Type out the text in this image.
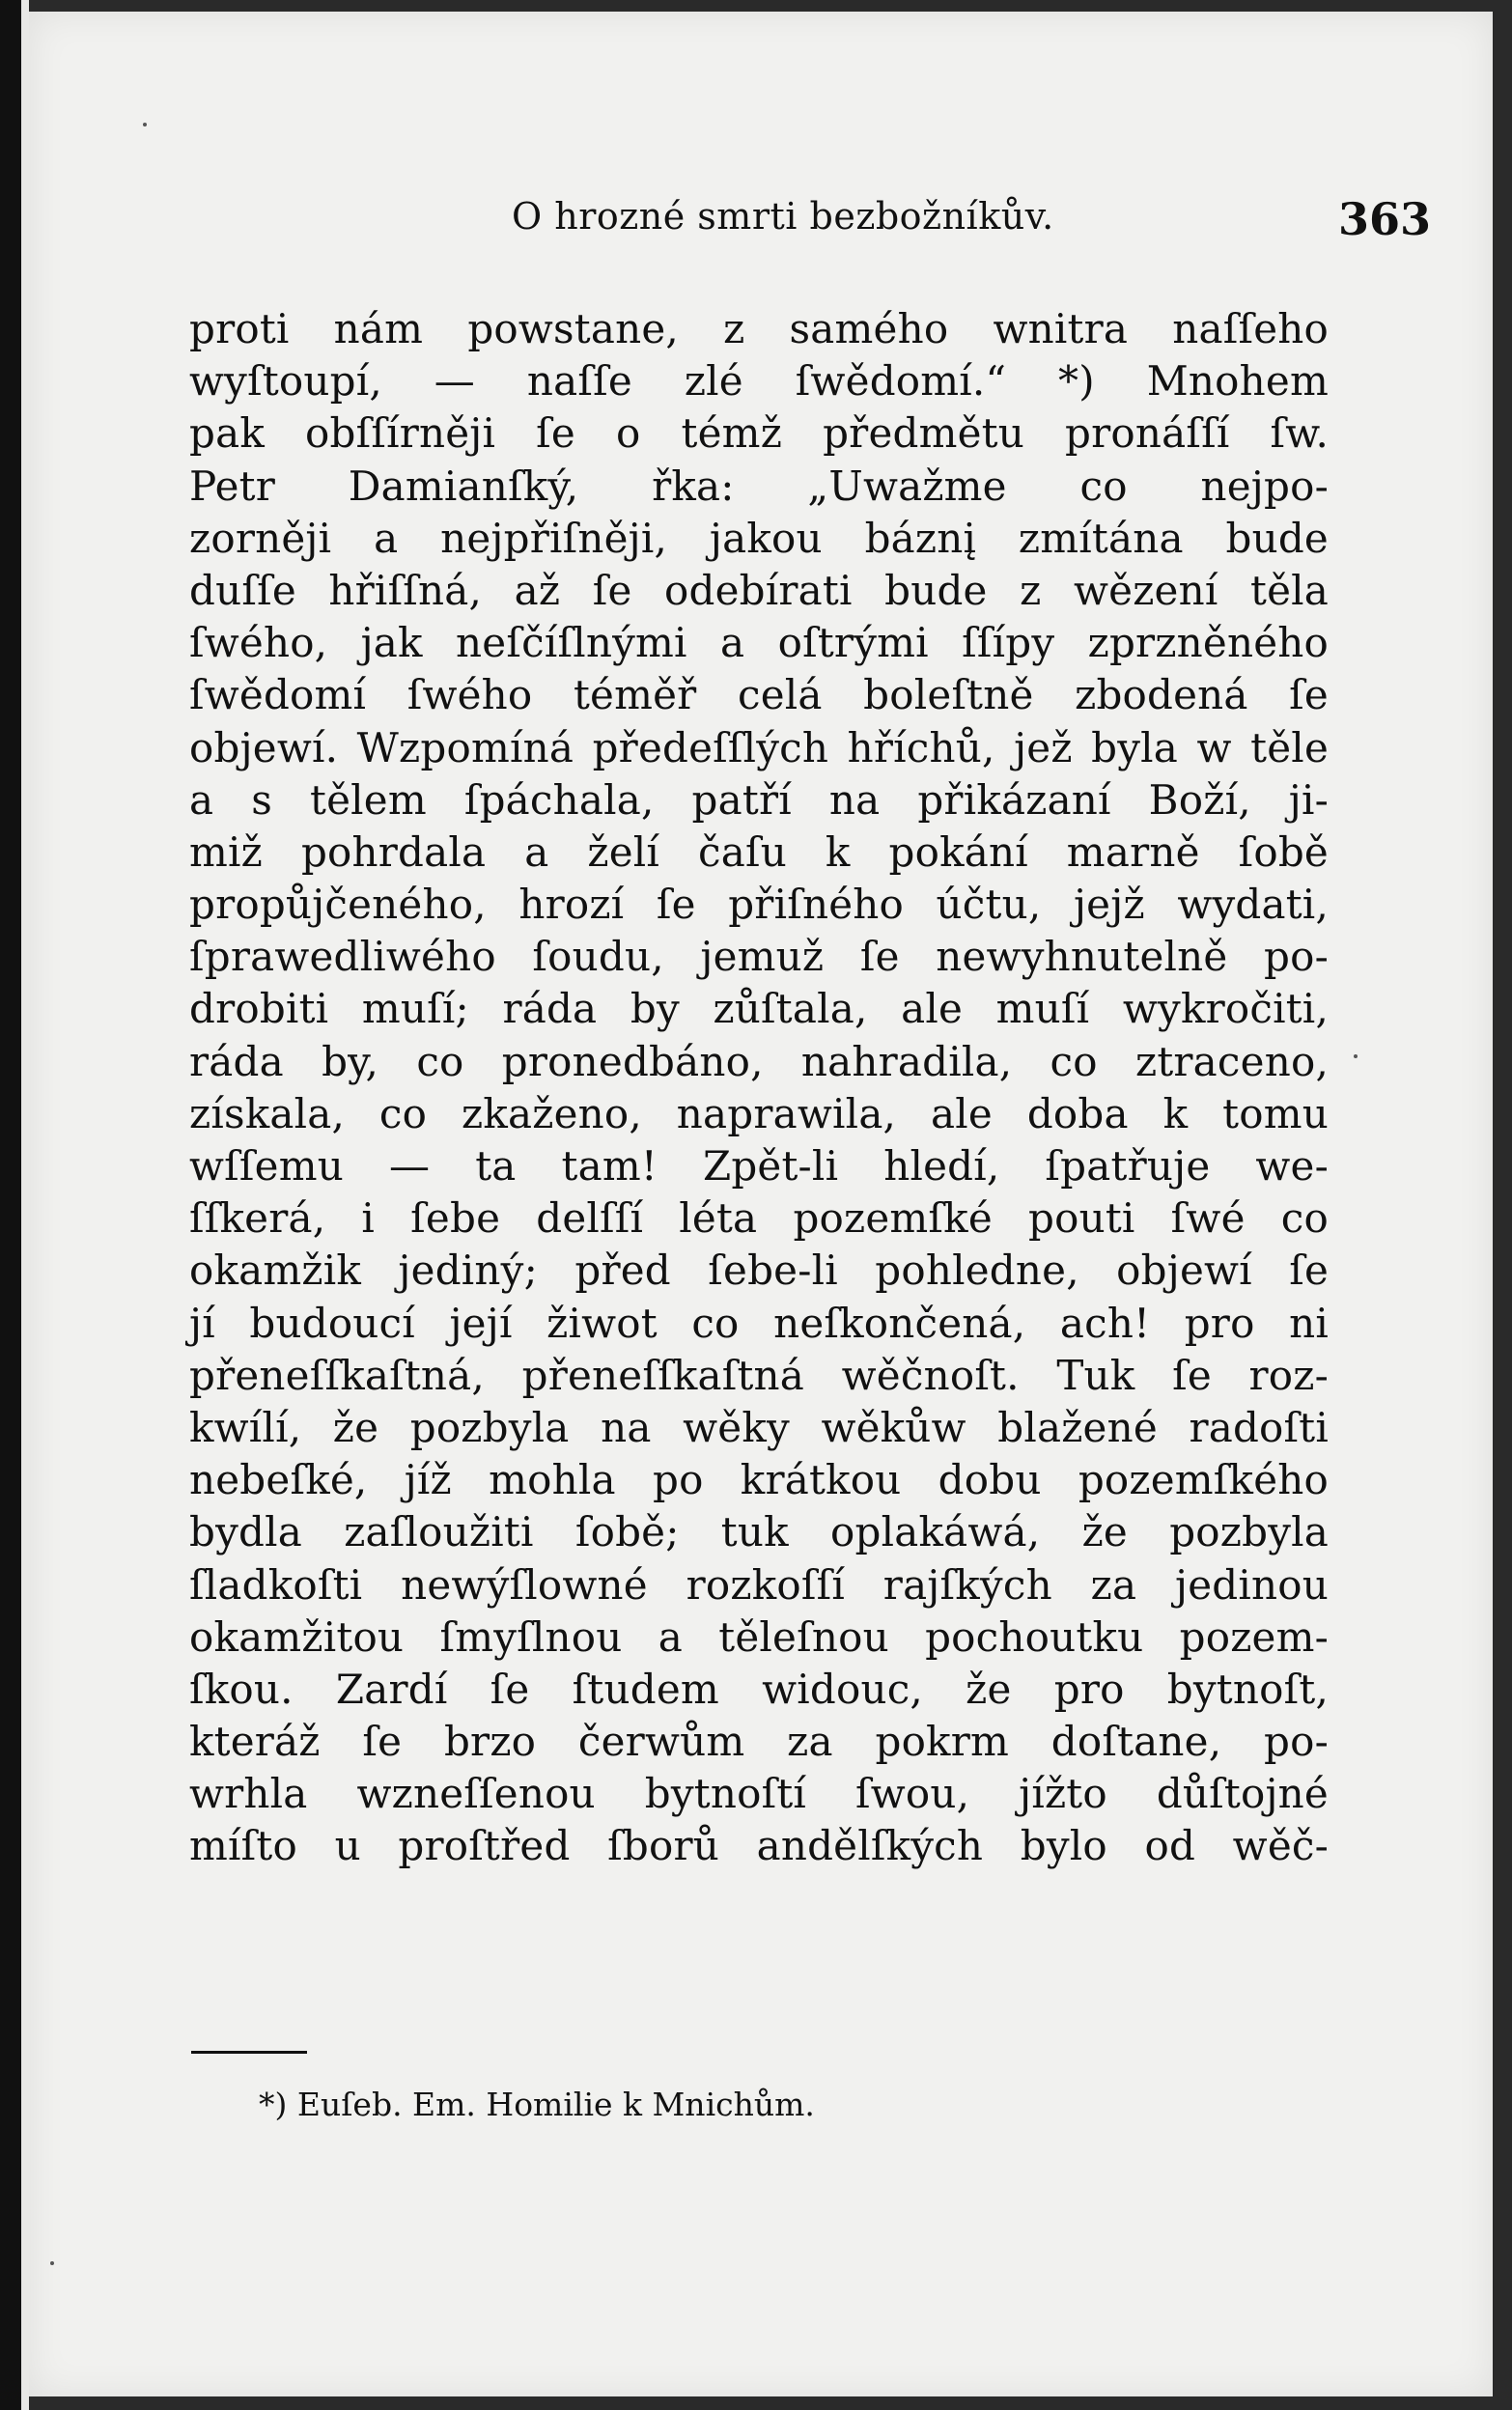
O hrozné smrti bezbožníkův.	363
proti nám powstane, z samého wnitra naſſeho
wyſtoupí, — naſſe zlé ſwědomí.“ *) Mnohem
pak obſſírněji ſe o témž předmětu pronáſſí ſw.
Petr Damianſký, řka: „Uwažme co nejpo-
zorněji a nejpřiſněji, jakou báznį zmítána bude
duſſe hřiſſná, až ſe odebírati bude z wězení těla
ſwého, jak neſčíſlnými a oſtrými ſſípy zprzněného
ſwědomí ſwého téměř celá boleſtně zbodená ſe
objewí. Wzpomíná předeſſlých hříchů, jež byla w těle
a s tělem ſpáchala, patří na přikázaní Boží, ji-
miž pohrdala a želí čaſu k pokání marně ſobě
propůjčeného, hrozí ſe přiſného účtu, jejž wydati,
ſprawedliwého ſoudu, jemuž ſe newyhnutelně po-
drobiti muſí; ráda by zůſtala, ale muſí wykročiti,
ráda by, co pronedbáno, nahradila, co ztraceno,
získala, co zkaženo, naprawila, ale doba k tomu
wſſemu — ta tam! Zpět-li hledí, ſpatřuje we-
ſſkerá, i ſebe delſſí léta pozemſké pouti ſwé co
okamžik jediný; před ſebe-li pohledne, objewí ſe
jí budoucí její žiwot co neſkončená, ach! pro ni
přeneſſkaſtná, přeneſſkaſtná wěčnoſt. Tuk ſe roz-
kwílí, že pozbyla na wěky wěkůw blažené radoſti
nebeſké, jíž mohla po krátkou dobu pozemſkého
bydla zaſloužiti ſobě; tuk oplakáwá, že pozbyla
ſladkoſti newýſlowné rozkoſſí rajſkých za jedinou
okamžitou ſmyſlnou a těleſnou pochoutku pozem-
ſkou. Zardí ſe ſtudem widouc, že pro bytnoſt,
kteráž ſe brzo čerwům za pokrm doſtane, po-
wrhla wzneſſenou bytnoſtí ſwou, jížto důſtojné
míſto u proſtřed ſborů andělſkých bylo od wěč-
*) Euſeb. Em. Homilie k Mnichům.
